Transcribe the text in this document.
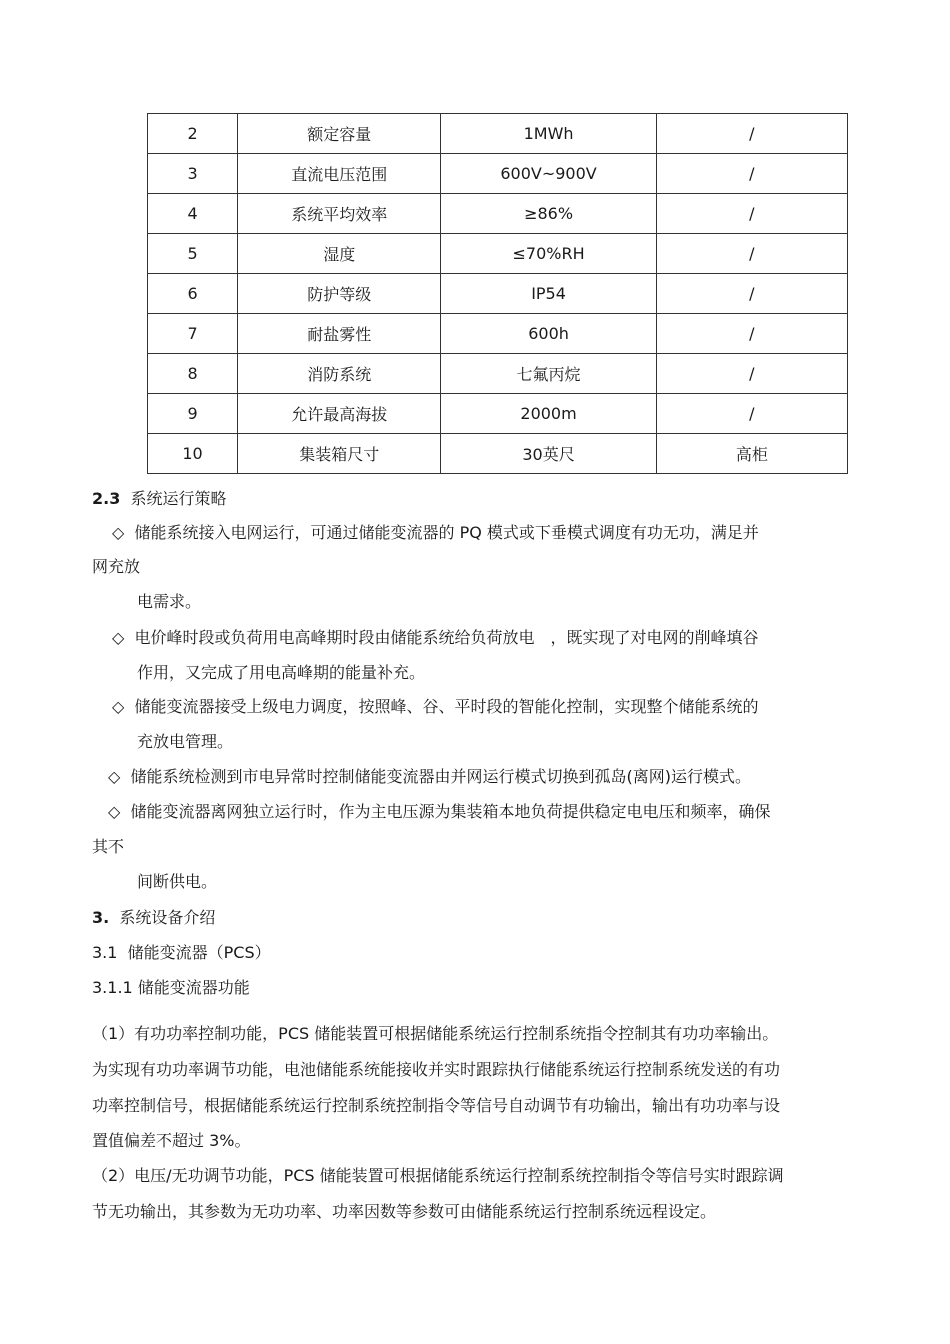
2	额定容量	1MWh	/
3	直流电压范围	600V~900V	/
4	系统平均效率	≥86%	/
5	湿度	≤70%RH	/
6	防护等级	IP54	/
7	耐盐雾性	600h	/
8	消防系统	七氟丙烷	/
9	允许最高海拔	2000m	/
10	集装箱尺寸	30英尺	高柜
2.3 系统运行策略
◇ 储能系统接入电网运行，可通过储能变流器的 PQ 模式或下垂模式调度有功无功，满足并
网充放
电需求。
◇ 电价峰时段或负荷用电高峰期时段由储能系统给负荷放电　，既实现了对电网的削峰填谷
作用，又完成了用电高峰期的能量补充。
◇ 储能变流器接受上级电力调度，按照峰、谷、平时段的智能化控制，实现整个储能系统的
充放电管理。
◇ 储能系统检测到市电异常时控制储能变流器由并网运行模式切换到孤岛(离网)运行模式。
◇ 储能变流器离网独立运行时，作为主电压源为集装箱本地负荷提供稳定电电压和频率，确保
其不
间断供电。
3. 系统设备介绍
3.1 储能变流器（PCS）
3.1.1 储能变流器功能
（1）有功功率控制功能，PCS 储能装置可根据储能系统运行控制系统指令控制其有功功率输出。
为实现有功功率调节功能，电池储能系统能接收并实时跟踪执行储能系统运行控制系统发送的有功
功率控制信号，根据储能系统运行控制系统控制指令等信号自动调节有功输出，输出有功功率与设
置值偏差不超过 3%。
（2）电压/无功调节功能，PCS 储能装置可根据储能系统运行控制系统控制指令等信号实时跟踪调
节无功输出，其参数为无功功率、功率因数等参数可由储能系统运行控制系统远程设定。
